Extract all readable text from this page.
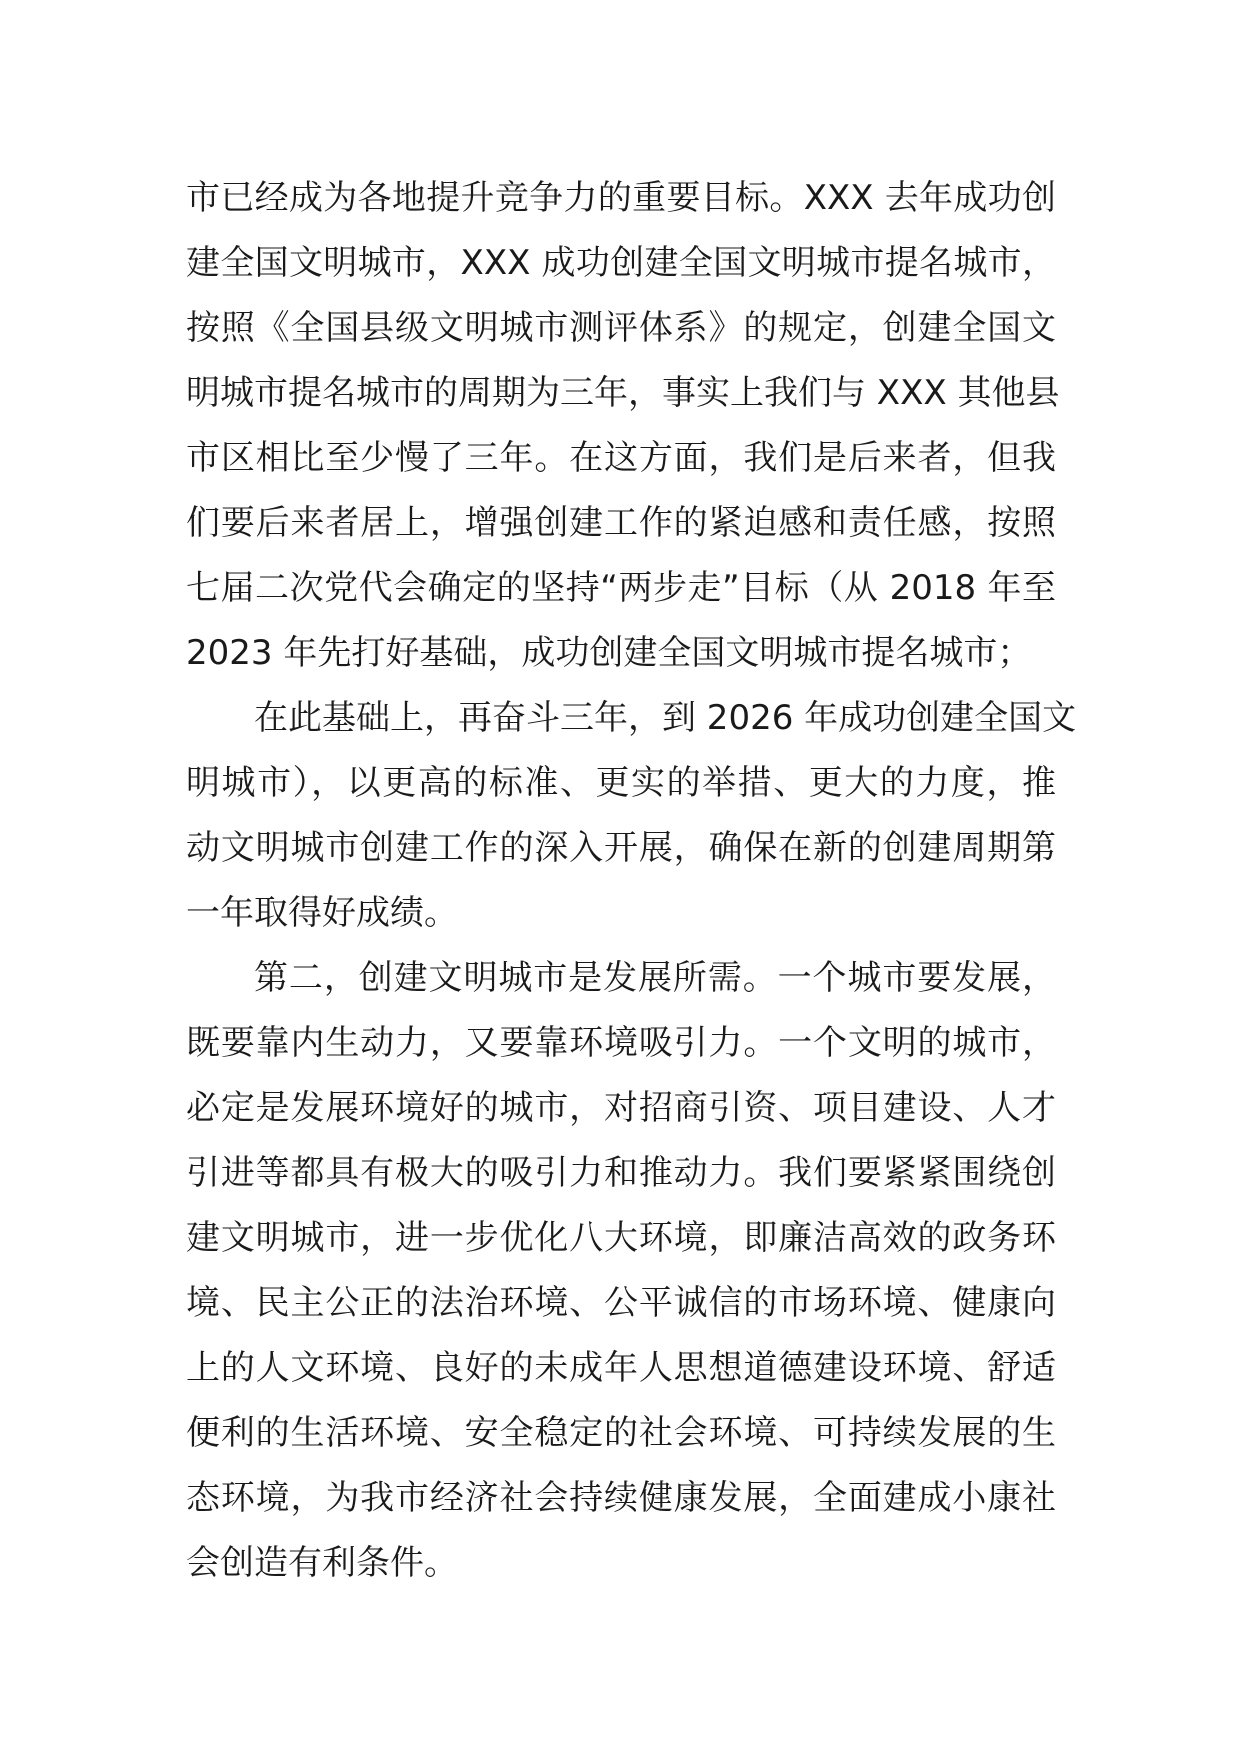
市已经成为各地提升竞争力的重要目标。XXX 去年成功创
建全国文明城市，XXX 成功创建全国文明城市提名城市，
按照《全国县级文明城市测评体系》的规定，创建全国文
明城市提名城市的周期为三年，事实上我们与 XXX 其他县
市区相比至少慢了三年。在这方面，我们是后来者，但我
们要后来者居上，增强创建工作的紧迫感和责任感，按照
七届二次党代会确定的坚持“两步走”目标（从 2018 年至
2023 年先打好基础，成功创建全国文明城市提名城市；
在此基础上，再奋斗三年，到 2026 年成功创建全国文
明城市），以更高的标准、更实的举措、更大的力度，推
动文明城市创建工作的深入开展，确保在新的创建周期第
一年取得好成绩。
第二，创建文明城市是发展所需。一个城市要发展，
既要靠内生动力，又要靠环境吸引力。一个文明的城市，
必定是发展环境好的城市，对招商引资、项目建设、人才
引进等都具有极大的吸引力和推动力。我们要紧紧围绕创
建文明城市，进一步优化八大环境，即廉洁高效的政务环
境、民主公正的法治环境、公平诚信的市场环境、健康向
上的人文环境、良好的未成年人思想道德建设环境、舒适
便利的生活环境、安全稳定的社会环境、可持续发展的生
态环境，为我市经济社会持续健康发展，全面建成小康社
会创造有利条件。
